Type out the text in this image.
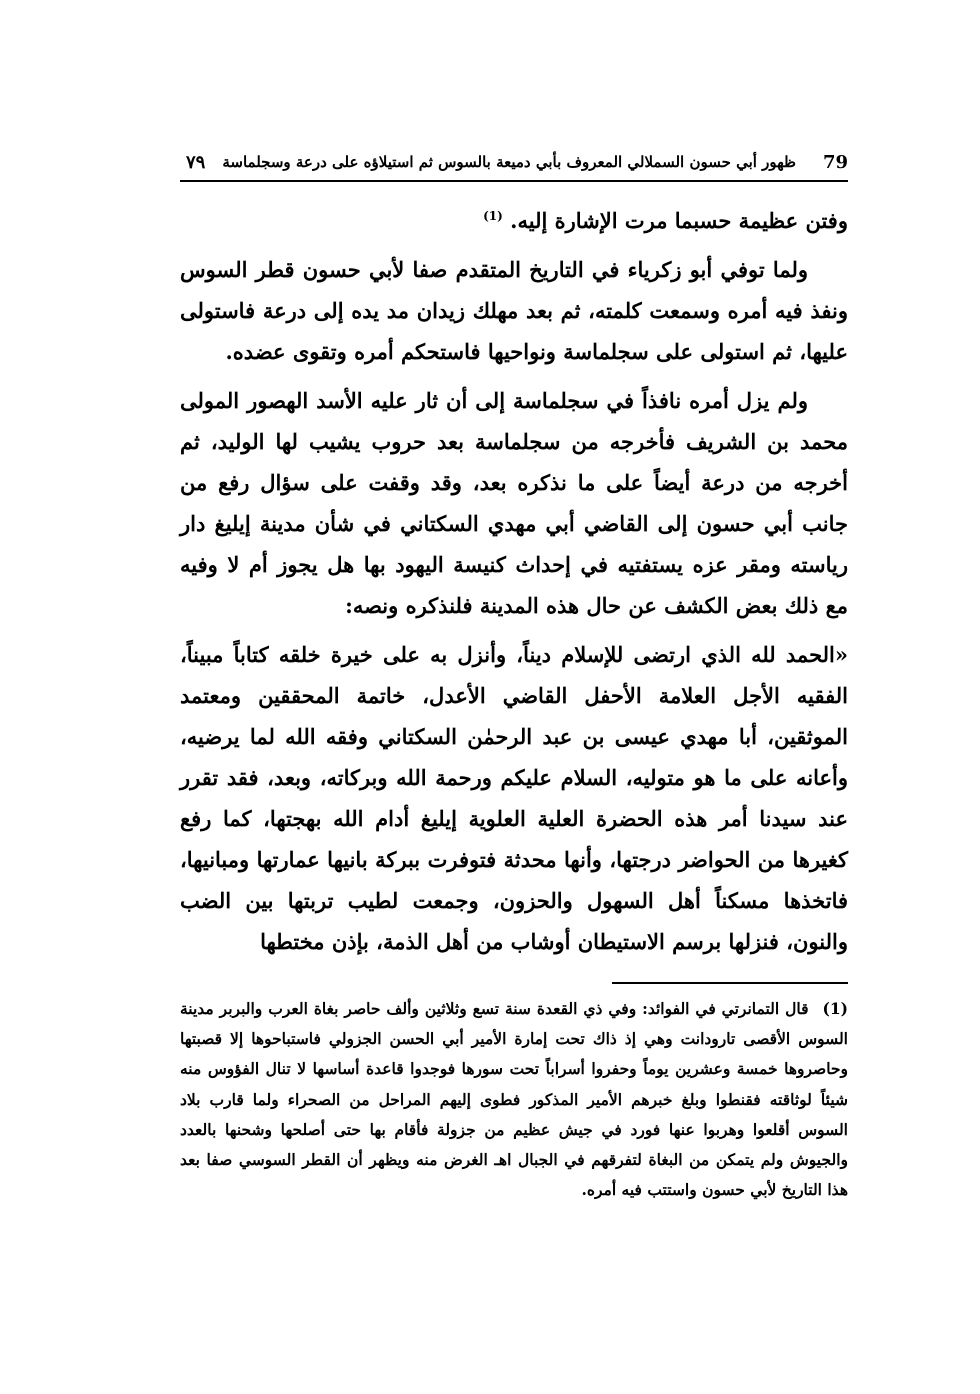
79
ظهور أبي حسون السملالي المعروف بأبي دميعة بالسوس ثم استيلاؤه على درعة وسجلماسة
٧٩

وفتن عظيمة حسبما مرت الإشارة إليه. $^{(1)}$

ولما توفي أبو زكرياء في التاريخ المتقدم صفا لأبي حسون قطر السوس ونفذ فيه أمره وسمعت كلمته، ثم بعد مهلك زيدان مد يده إلى درعة فاستولى عليها، ثم استولى على سجلماسة ونواحيها فاستحكم أمره وتقوى عضده.

ولم يزل أمره نافذاً في سجلماسة إلى أن ثار عليه الأسد الهصور المولى محمد بن الشريف فأخرجه من سجلماسة بعد حروب يشيب لها الوليد، ثم أخرجه من درعة أيضاً على ما نذكره بعد، وقد وقفت على سؤال رفع من جانب أبي حسون إلى القاضي أبي مهدي السكتاني في شأن مدينة إيليغ دار رياسته ومقر عزه يستفتيه في إحداث كنيسة اليهود بها هل يجوز أم لا وفيه مع ذلك بعض الكشف عن حال هذه المدينة فلنذكره ونصه:

«الحمد لله الذي ارتضى للإسلام ديناً، وأنزل به على خيرة خلقه كتاباً مبيناً، الفقيه الأجل العلامة الأحفل القاضي الأعدل، خاتمة المحققين ومعتمد الموثقين، أبا مهدي عيسى بن عبد الرحمٰن السكتاني وفقه الله لما يرضيه، وأعانه على ما هو متوليه، السلام عليكم ورحمة الله وبركاته، وبعد، فقد تقرر عند سيدنا أمر هذه الحضرة العلية العلوية إيليغ أدام الله بهجتها، كما رفع كغيرها من الحواضر درجتها، وأنها محدثة فتوفرت ببركة بانيها عمارتها ومبانيها، فاتخذها مسكناً أهل السهول والحزون، وجمعت لطيب تربتها بين الضب والنون، فنزلها برسم الاستيطان أوشاب من أهل الذمة، بإذن مختطها

(1)قال التمانرتي في الفوائد: وفي ذي القعدة سنة تسع وثلاثين وألف حاصر بغاة العرب والبربر مدينة السوس الأقصى تارودانت وهي إذ ذاك تحت إمارة الأمير أبي الحسن الجزولي فاستباحوها إلا قصبتها وحاصروها خمسة وعشرين يوماً وحفروا أسراباً تحت سورها فوجدوا قاعدة أساسها لا تنال الفؤوس منه شيئاً لوثاقته فقنطوا وبلغ خبرهم الأمير المذكور فطوى إليهم المراحل من الصحراء ولما قارب بلاد السوس أقلعوا وهربوا عنها فورد في جيش عظيم من جزولة فأقام بها حتى أصلحها وشحنها بالعدد والجيوش ولم يتمكن من البغاة لتفرقهم في الجبال اهـ الغرض منه ويظهر أن القطر السوسي صفا بعد هذا التاريخ لأبي حسون واستتب فيه أمره.
